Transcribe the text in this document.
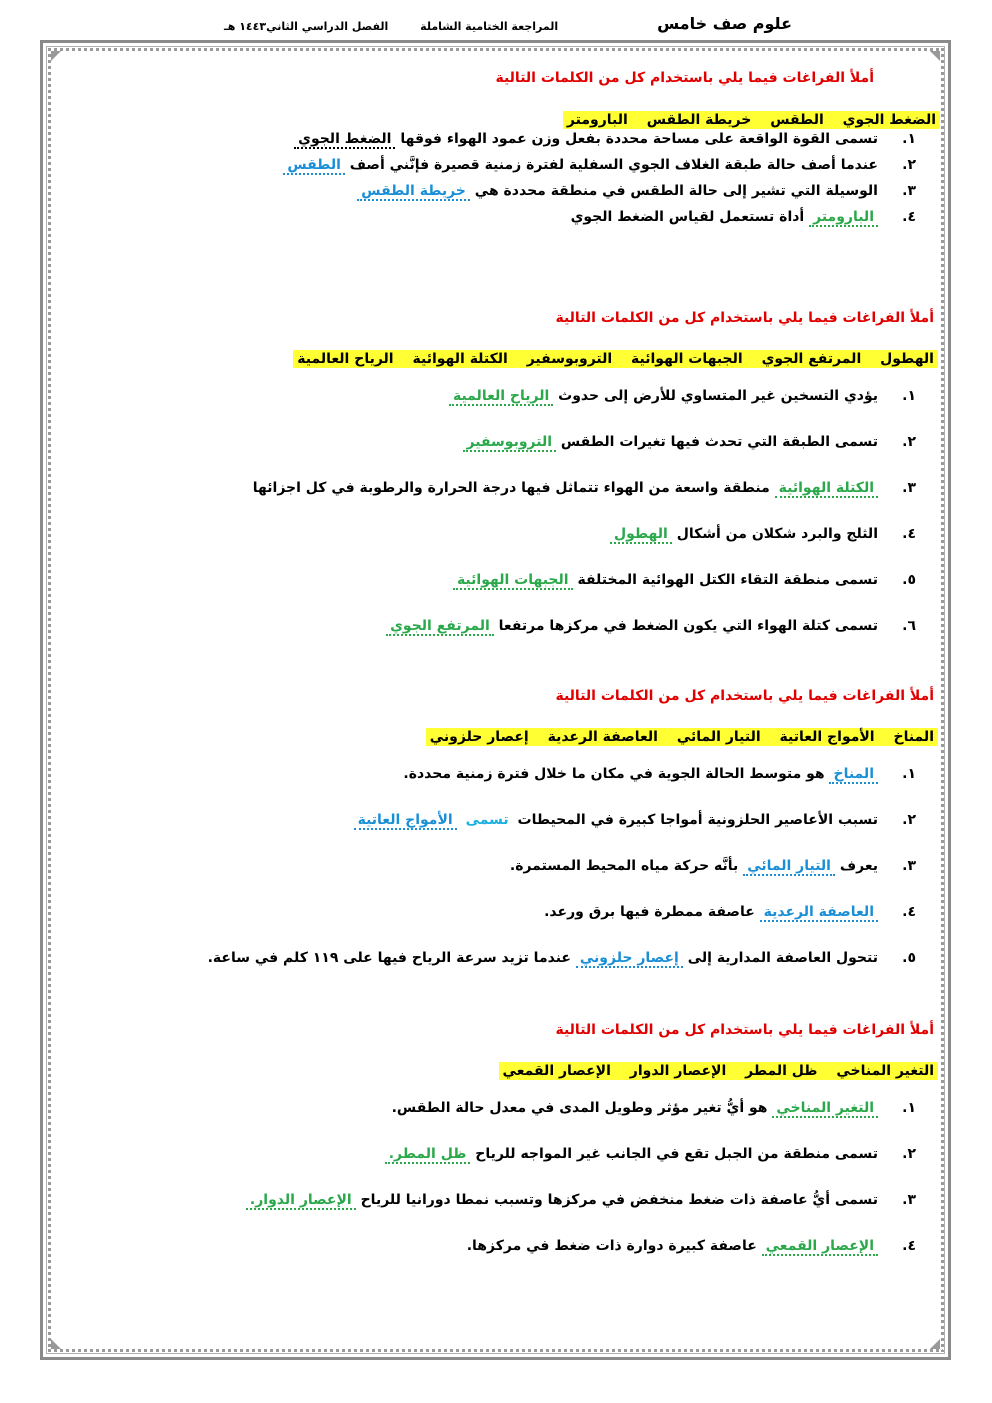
علوم صف خامس
المراجعة الختامية الشاملة الفصل الدراسي الثاني١٤٤٣ هـ

أملأ الفراغات فيما يلي باستخدام كل من الكلمات التالية

الضغط الجوي الطقس خريطة الطقس البارومتر
١.
تسمى القوة الواقعة على مساحة محددة بفعل وزن عمود الهواء فوقها الضغط الجوي
٢.
عندما أصف حالة طبقة الغلاف الجوي السفلية لفترة زمنية قصيرة فإنَّني أصف الطقس
٣.
الوسيلة التي تشير إلى حالة الطقس في منطقة محددة هي خريطة الطقس
٤.
البارومتر أداة تستعمل لقياس الضغط الجوي

أملأ الفراغات فيما يلي باستخدام كل من الكلمات التالية

الهطول المرتفع الجوي الجبهات الهوائية التروبوسفير الكتلة الهوائية الرياح العالمية
١.
يؤدي التسخين غير المتساوي للأرض إلى حدوث الرياح العالمية
٢.
تسمى الطبقة التي تحدث فيها تغيرات الطقس التروبوسفير
٣.
الكتلة الهوائية منطقة واسعة من الهواء تتماثل فيها درجة الحرارة والرطوبة في كل اجزائها
٤.
الثلج والبرد شكلان من أشكال الهطول
٥.
تسمى منطقة التقاء الكتل الهوائية المختلفة الجبهات الهوائية
٦.
تسمى كتلة الهواء التي يكون الضغط في مركزها مرتفعا المرتفع الجوي

أملأ الفراغات فيما يلي باستخدام كل من الكلمات التالية

المناخ الأمواج العاتية التيار المائي العاصفة الرعدية إعصار حلزوني
١.
المناخ هو متوسط الحالة الجوية في مكان ما خلال فترة زمنية محددة.
٢.
تسبب الأعاصير الحلزونية أمواجا كبيرة في المحيطات تسمى الأمواج العاتية
٣.
يعرف التيار المائي بأنَّه حركة مياه المحيط المستمرة.
٤.
العاصفة الرعدية عاصفة ممطرة فيها برق ورعد.
٥.
تتحول العاصفة المدارية إلى إعصار حلزوني عندما تزيد سرعة الرياح فيها على ١١٩ كلم في ساعة.

أملأ الفراغات فيما يلي باستخدام كل من الكلمات التالية

التغير المناخي ظل المطر الإعصار الدوار الإعصار القمعي
١.
التغير المناخي هو أيُّ تغير مؤثر وطويل المدى في معدل حالة الطقس.
٢.
تسمى منطقة من الجبل تقع في الجانب غير المواجه للرياح ظل المطر.
٣.
تسمى أيُّ عاصفة ذات ضغط منخفض في مركزها وتسبب نمطا دورانيا للرياح الإعصار الدوار.
٤.
الإعصار القمعي عاصفة كبيرة دوارة ذات ضغط في مركزها.
